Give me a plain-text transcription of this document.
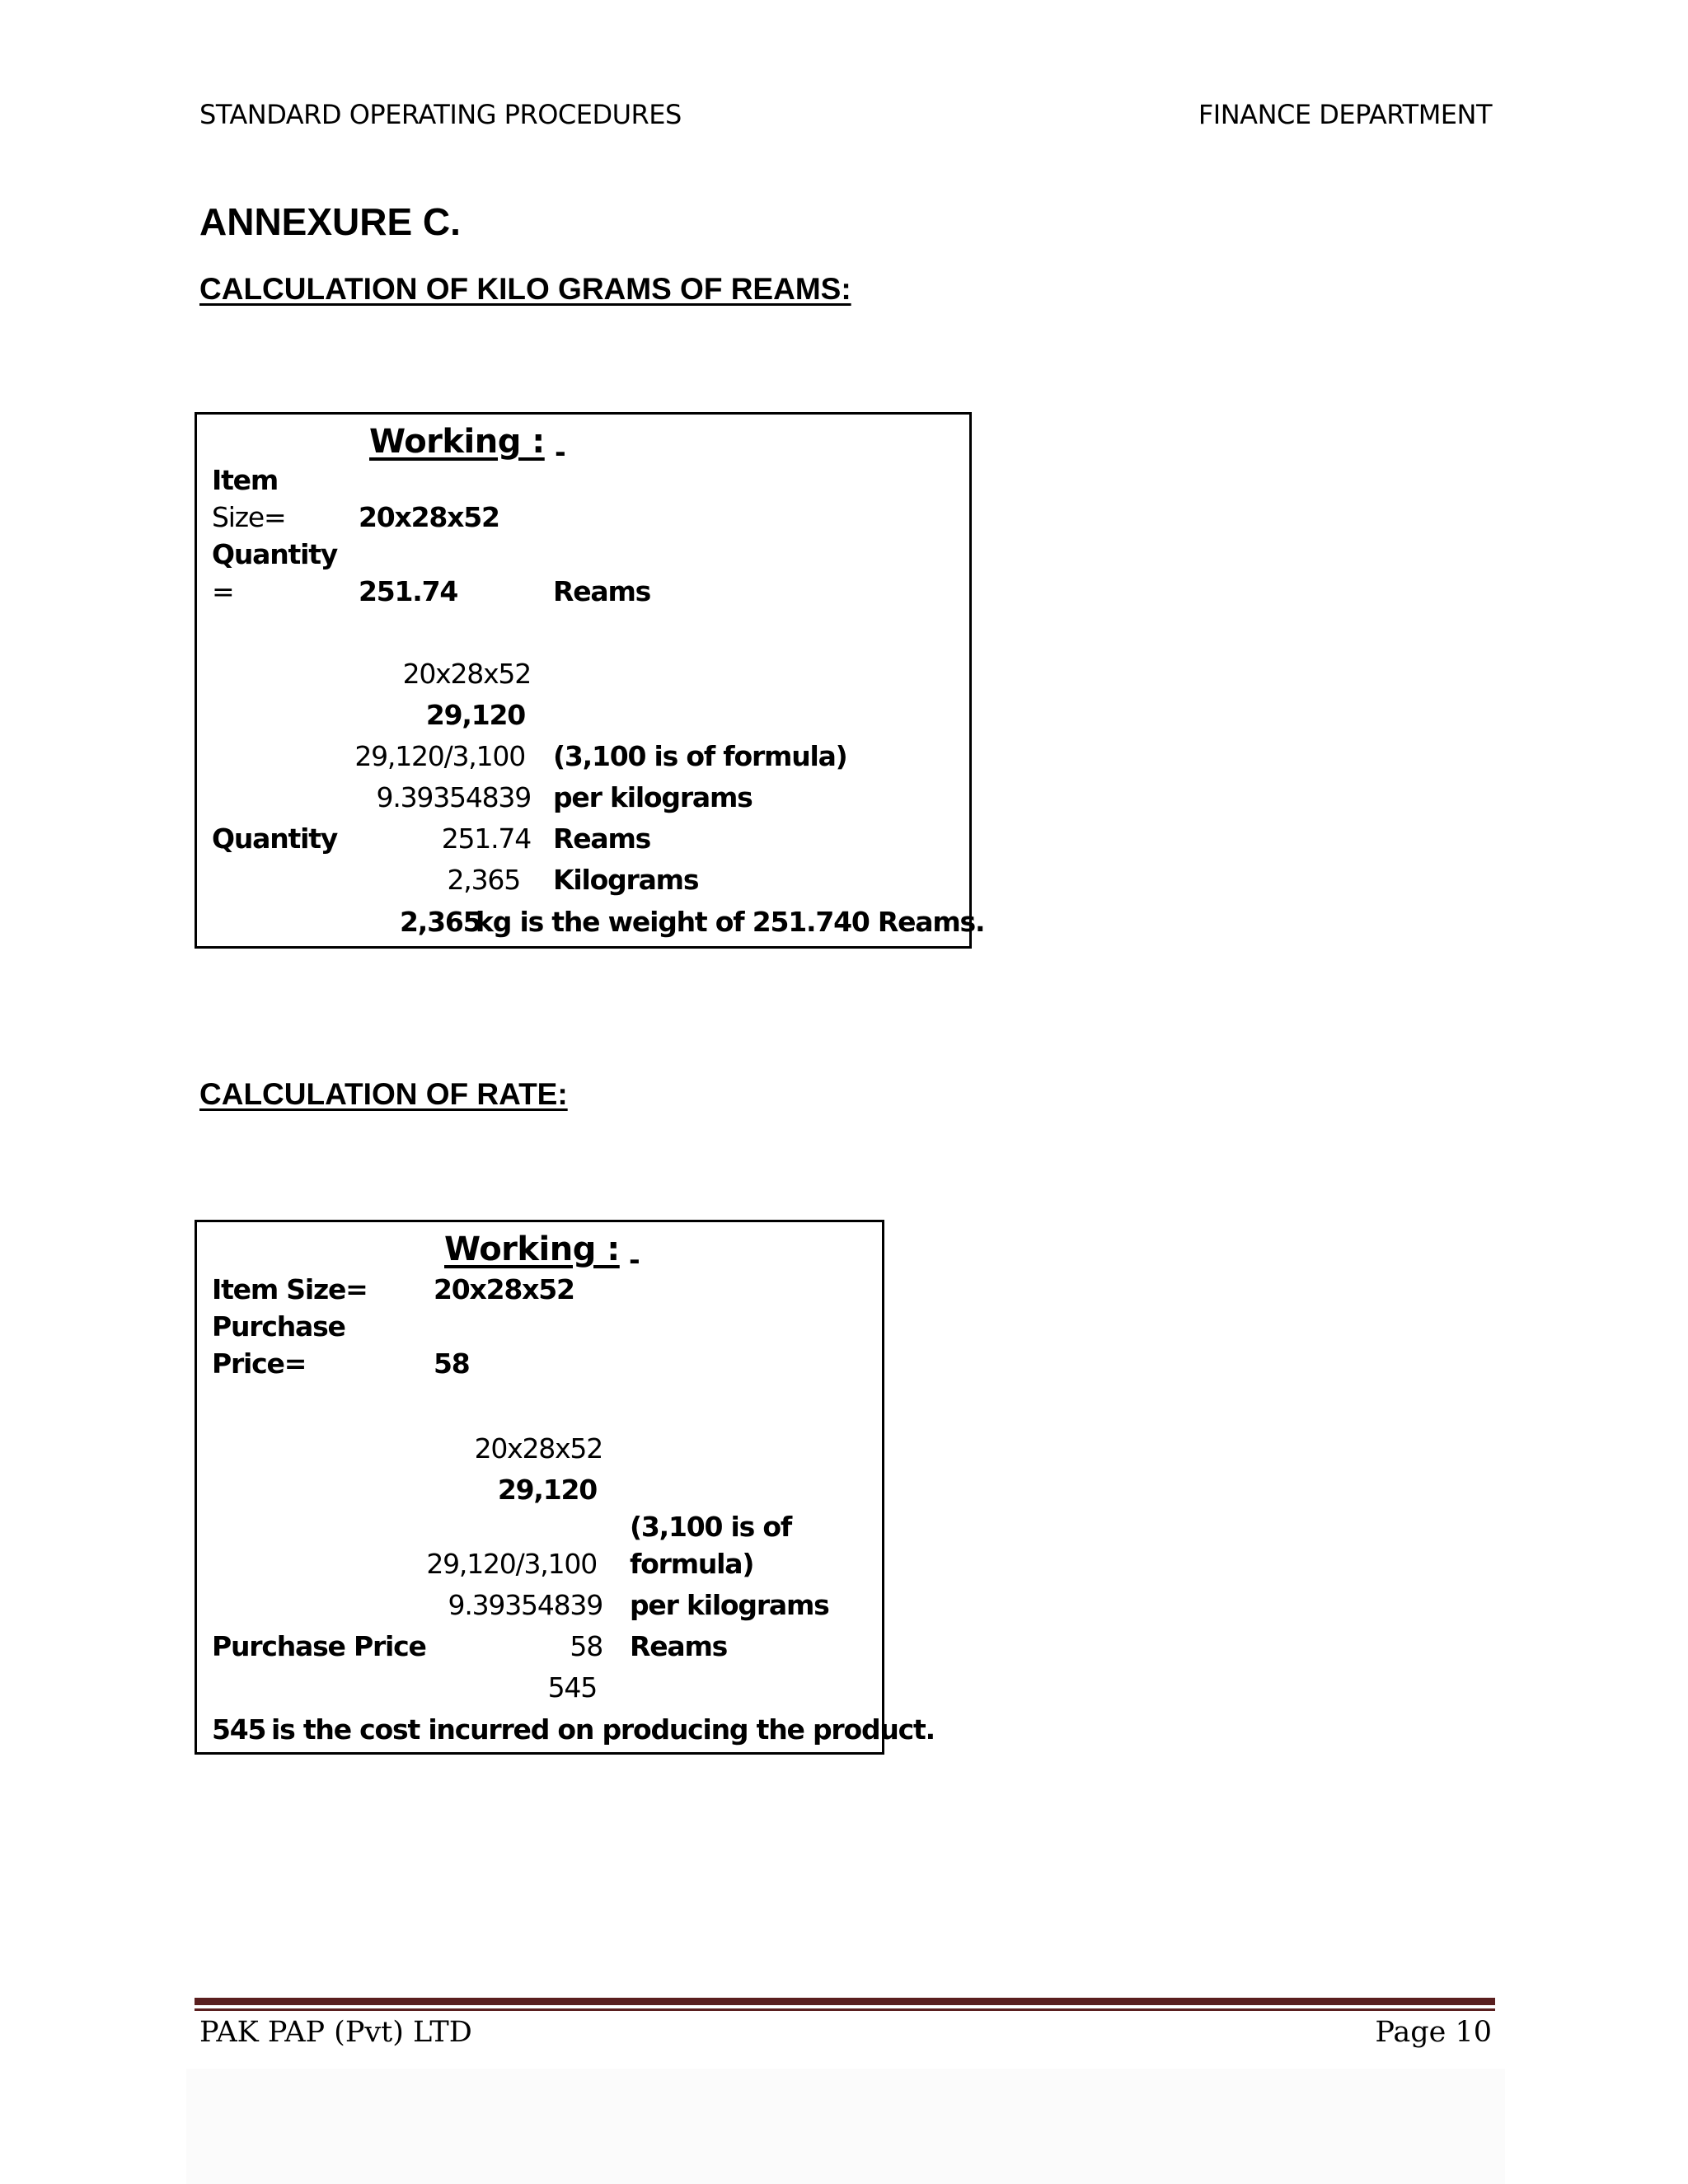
STANDARD OPERATING PROCEDURES	FINANCE DEPARTMENT
ANNEXURE C.
CALCULATION OF KILO GRAMS OF REAMS:
Working : -
Item
Size=	20x28x52
Quantity
=	251.74	Reams
20x28x52
29,120
29,120/3,100 (3,100 is of formula)
9.39354839 per kilograms
Quantity	251.74 Reams
2,365 Kilograms
2,365
kg is the weight of 251.740 Reams.
CALCULATION OF RATE:
Working : -
Item Size= 20x28x52
Purchase
Price=	58
20x28x52
29,120
(3,100 is of
29,120/3,100 formula)
9.39354839 per kilograms
Purchase Price	58 Reams
545
545 is the cost incurred on producing the product.
PAK PAP (Pvt) LTD	Page 10
